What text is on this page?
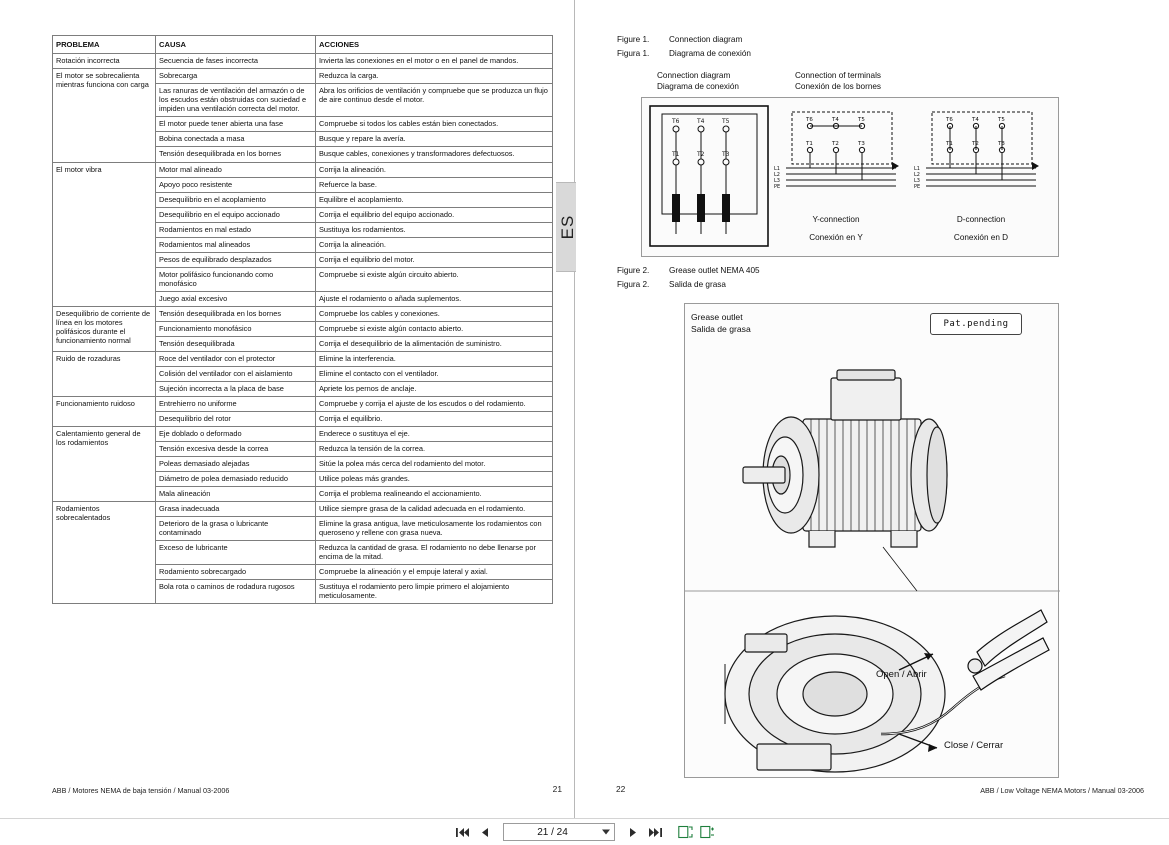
PROBLEMA	CAUSA	ACCIONES
Rotación incorrecta	Secuencia de fases incorrecta	Invierta las conexiones en el motor o en el panel de mandos.
El motor se sobrecalienta mientras funciona con carga	Sobrecarga	Reduzca la carga.
	Las ranuras de ventilación del armazón o de los escudos están obstruidas con suciedad e impiden una ventilación correcta del motor.	Abra los orificios de ventilación y compruebe que se produzca un flujo de aire continuo desde el motor.
	El motor puede tener abierta una fase	Compruebe si todos los cables están bien conectados.
	Bobina conectada a masa	Busque y repare la avería.
	Tensión desequilibrada en los bornes	Busque cables, conexiones y transformadores defectuosos.
El motor vibra	Motor mal alineado	Corrija la alineación.
	Apoyo poco resistente	Refuerce la base.
	Desequilibrio en el acoplamiento	Equilibre el acoplamiento.
	Desequilibrio en el equipo accionado	Corrija el equilibrio del equipo accionado.
	Rodamientos en mal estado	Sustituya los rodamientos.
	Rodamientos mal alineados	Corrija la alineación.
	Pesos de equilibrado desplazados	Corrija el equilibrio del motor.
	Motor polifásico funcionando como monofásico	Compruebe si existe algún circuito abierto.
	Juego axial excesivo	Ajuste el rodamiento o añada suplementos.
Desequilibrio de corriente de línea en los motores polifásicos durante el funcionamiento normal	Tensión desequilibrada en los bornes	Compruebe los cables y conexiones.
	Funcionamiento monofásico	Compruebe si existe algún contacto abierto.
	Tensión desequilibrada	Corrija el desequilibrio de la alimentación de suministro.
Ruido de rozaduras	Roce del ventilador con el protector	Elimine la interferencia.
	Colisión del ventilador con el aislamiento	Elimine el contacto con el ventilador.
	Sujeción incorrecta a la placa de base	Apriete los pernos de anclaje.
Funcionamiento ruidoso	Entrehierro no uniforme	Compruebe y corrija el ajuste de los escudos o del rodamiento.
	Desequilibrio del rotor	Corrija el equilibrio.
Calentamiento general de los rodamientos	Eje doblado o deformado	Enderece o sustituya el eje.
	Tensión excesiva desde la correa	Reduzca la tensión de la correa.
	Poleas demasiado alejadas	Sitúe la polea más cerca del rodamiento del motor.
	Diámetro de polea demasiado reducido	Utilice poleas más grandes.
	Mala alineación	Corrija el problema realineando el accionamiento.
Rodamientos sobrecalentados	Grasa inadecuada	Utilice siempre grasa de la calidad adecuada en el rodamiento.
	Deterioro de la grasa o lubricante contaminado	Elimine la grasa antigua, lave meticulosamente los rodamientos con queroseno y rellene con grasa nueva.
	Exceso de lubricante	Reduzca la cantidad de grasa. El rodamiento no debe llenarse por encima de la mitad.
	Rodamiento sobrecargado	Compruebe la alineación y el empuje lateral y axial.
	Bola rota o caminos de rodadura rugosos	Sustituya el rodamiento pero limpie primero el alojamiento meticulosamente.
ABB / Motores NEMA de baja tensión / Manual 03-2006	21
ES
Figure 1. Connection diagram
Figura 1. Diagrama de conexión
Connection diagram
Diagrama de conexión
Connection of terminals
Conexión de los bornes
T6	T4	T5
T1	T2	T3
T6	T4	T5
T1	T2	T3
L1
L2
L3
PE
T6	T4	T5
T1	T2	T3
L1
L2
L3
PE
Y-connection
Conexión en Y
D-connection
Conexión en D
Figure 2. Grease outlet NEMA 405
Figura 2. Salida de grasa
Grease outlet
Salida de grasa	Pat.pending
Open / Abrir
Close / Cerrar
ABB / Low Voltage NEMA Motors / Manual 03-2006
22
21 / 24
